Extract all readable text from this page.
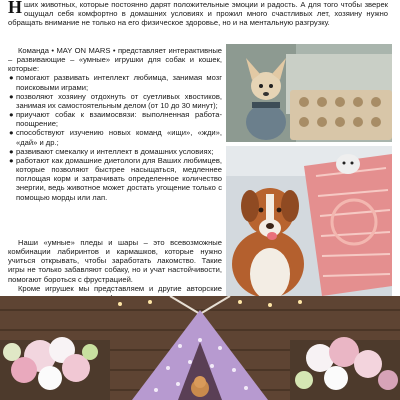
Нших животных, которые постоянно дарят положительные эмоции и радость. А для того чтобы зверек ощущал себя комфортно в домашних условиях и прожил много счастливых лет, хозяину нужно обращать внимание не только на его физическое здоровье, но и на ментальную разгрузку.

Команда • MAY ON MARS • представляет интерактивные – развивающие – «умные» игрушки для собак и кошек, которые:

● помогают развивать интеллект любимца, занимая мозг поисковыми играми;

● позволяют хозяину отдохнуть от суетливых хвостиков, занимая их самостоятельным делом (от 10 до 30 минут);

● приучают собак к взаимосвязи: выполненная работа-поощрение;

● способствуют изучению новых команд «ищи», «жди», «дай» и др.;

● развивают смекалку и интеллект в домашних условиях;

● работают как домашние диетологи для Ваших любимцев, которые позволяют быстрее насыщаться, медленнее поглощая корм и затрачивать определенное количество энергии, ведь животное может достать угощение только с помощью морды или лап.

Наши «умные» пледы и шары – это всевозможные комбинации лабиринтов и кармашков, которые нужно учиться открывать, чтобы заработать лакомство. Такие игры не только забавляют собаку, но и учат настойчивости, помогают бороться с фрустрацией.

Кроме игрушек мы представляем и другие авторские
